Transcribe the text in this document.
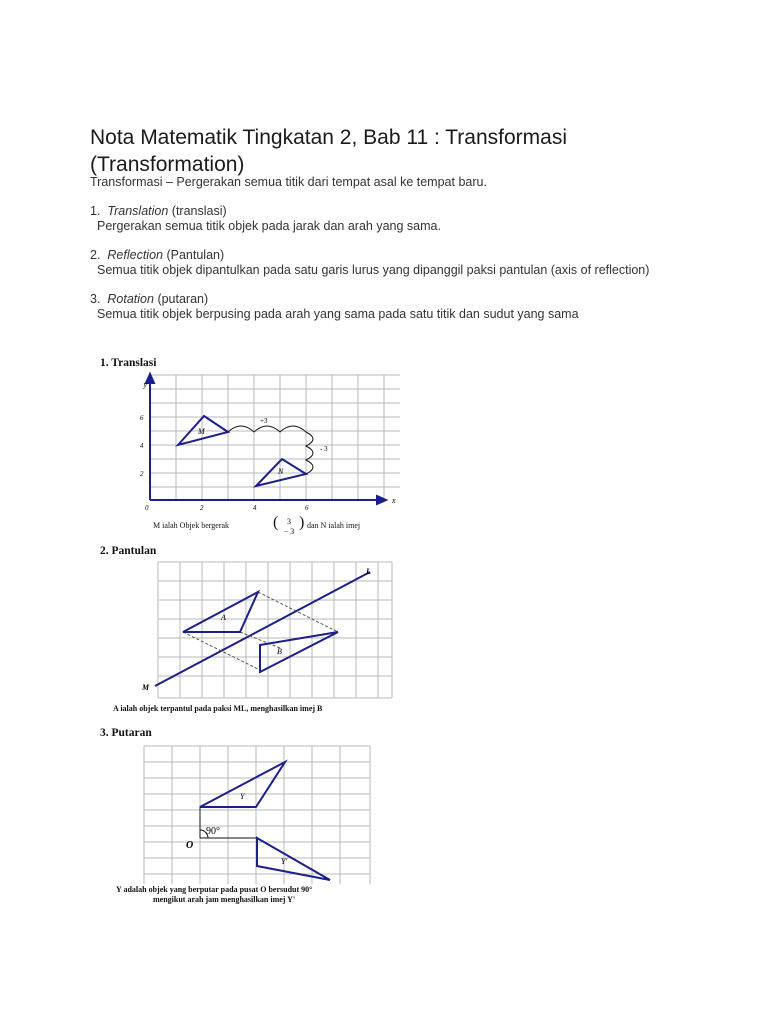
Nota Matematik Tingkatan 2, Bab 11 : Transformasi (Transformation)
Transformasi – Pergerakan semua titik dari tempat asal ke tempat baru.
1. Translation (translasi)
Pergerakan semua titik objek pada jarak dan arah yang sama.
2. Reflection (Pantulan)
Semua titik objek dipantulkan pada satu garis lurus yang dipanggil paksi pantulan (axis of reflection)
3. Rotation (putaran)
Semua titik objek berpusing pada arah yang sama pada satu titik dan sudut yang sama
1. Translasi
y
x
0	2	4	6
2
4
6
M
N
+3
- 3
M ialah Objek bergerak	(	3
− 3
) dan N ialah imej
2. Pantulan
M
L
A
B
A ialah objek terpantul pada paksi ML, menghasilkan imej B
3. Putaran
Y
Y'
O
90°
Y adalah objek yang berputar pada pusat O bersudut 90°
mengikut arah jam menghasilkan imej Y'
